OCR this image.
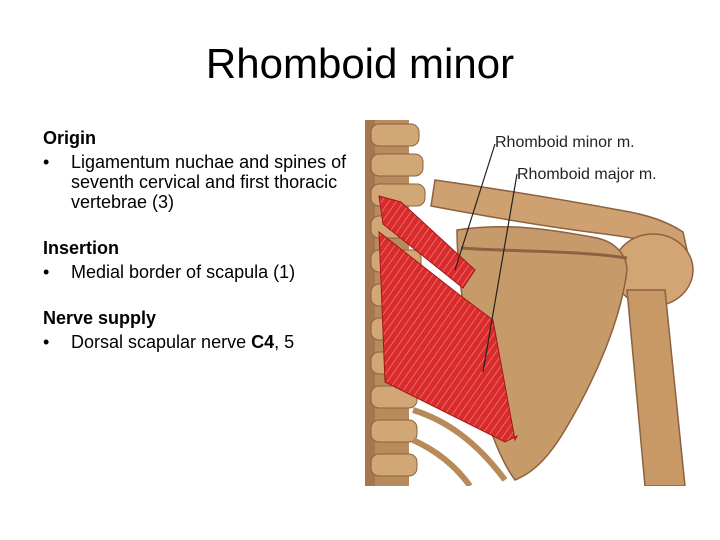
Rhomboid minor

Origin

•	Ligamentum nuchae and spines of seventh cervical and first thoracic vertebrae (3)

Insertion

•	Medial border of scapula (1)

Nerve supply

•	Dorsal scapular nerve C4, 5
Rhomboid minor m.
Rhomboid major m.
